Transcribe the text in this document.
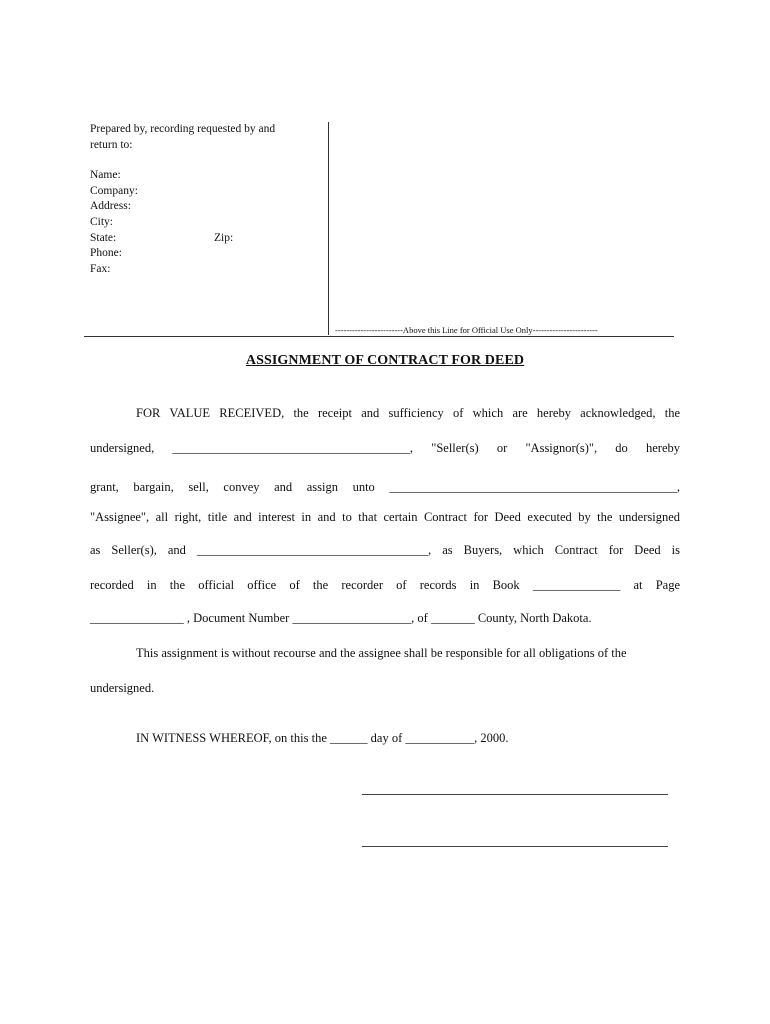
Prepared by, recording requested by and
return to:
Name:
Company:
Address:
City:
State:	Zip:
Phone:
Fax:
------------------------Above this Line for Official Use Only-----------------------
ASSIGNMENT OF CONTRACT FOR DEED
FOR VALUE RECEIVED, the receipt and sufficiency of which are hereby acknowledged, the
undersigned, ______________________________________, "Seller(s) or "Assignor(s)", do hereby
grant, bargain, sell, convey and assign unto ______________________________________________,
"Assignee", all right, title and interest in and to that certain Contract for Deed executed by the undersigned
as Seller(s), and _____________________________________, as Buyers, which Contract for Deed is
recorded in the official office of the recorder of records in Book ______________ at Page
_______________ , Document Number ___________________, of _______ County, North Dakota.
This assignment is without recourse and the assignee shall be responsible for all obligations of the
undersigned.
IN WITNESS WHEREOF, on this the ______ day of ___________, 2000.
